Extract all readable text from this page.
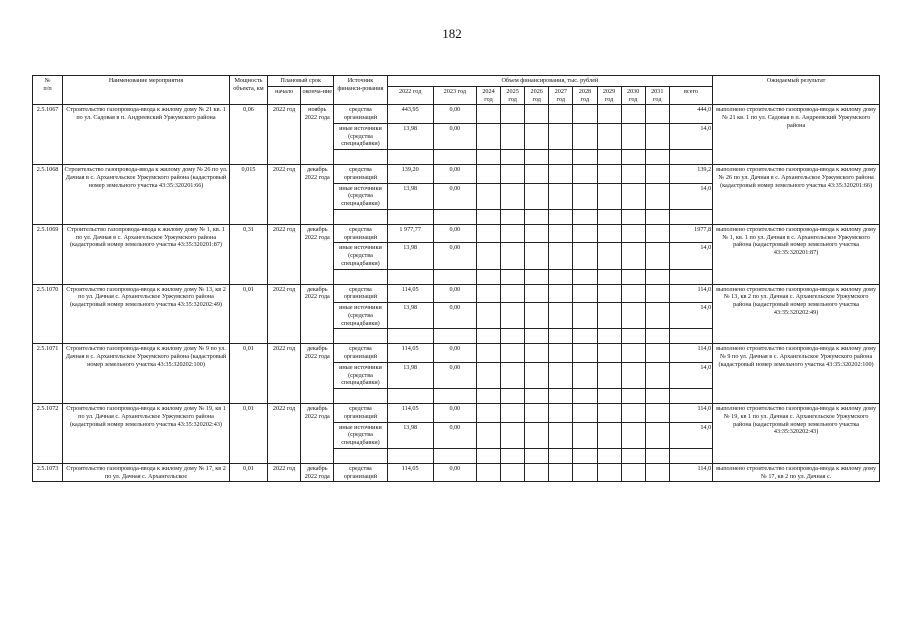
182
№
п/п	Наименование мероприятия	Мощность объекта, км	Плановый срок		Источник финанси-рования	Объем финансирования, тыс. рублей											Ожидаемый результат
			начало	оконча-ние		2022 год	2023 год	2024 год	2025 год	2026 год	2027 год	2028 год	2029 год	2030 год	2031 год	всего	

2.5.1067	Строительство газопровода-ввода к жилому дому № 21 кв. 1 по ул. Садовая в п. Андреевский Уржумского района	0,06	2022 год	ноябрь 2022 года	средства организаций	443,95	0,00									444,0	выполнено строительство газопровода-ввода к жилому дому № 21 кв. 1 по ул. Садовая в п. Андреевский Уржумского района
					иные источники (средства спецнадбавки)	13,98	0,00									14,0	

2.5.1068	Строительство газопровода-ввода к жилому дому № 26 по ул. Дачная в с. Архангельское Уржумского района (кадастровый номер земельного участка 43:35:320201:66)	0,015	2022 год	декабрь 2022 года	средства организаций	139,20	0,00									139,2	выполнено строительство газопровода-ввода к жилому дому № 26 по ул. Дачная в с. Архангельское Уржумского района (кадастровый номер земельного участка 43:35:320201:66)
					иные источники (средства спецнадбавки)	13,98	0,00									14,0	

2.5.1069	Строительство газопровода-ввода к жилому дому № 1, кв. 1 по ул. Дачная в с. Архангельское Уржумского района (кадастровый номер земельного участка 43:35:320201:87)	0,31	2022 год	декабрь 2022 года	средства организаций	1 977,77	0,00									1977,8	выполнено строительство газопровода-ввода к жилому дому № 1, кв. 1 по ул. Дачная в с. Архангельское Уржумского района (кадастровый номер земельного участка 43:35:320201:87)
					иные источники (средства спецнадбавки)	13,98	0,00									14,0	

2.5.1070	Строительство газопровода-ввода к жилому дому № 13, кв 2 по ул. Дачная с. Архангельское Уржумского района (кадастровый номер земельного участка 43:35:320202:49)	0,01	2022 год	декабрь 2022 года	средства организаций	114,05	0,00									114,0	выполнено строительство газопровода-ввода к жилому дому № 13, кв 2 по ул. Дачная с. Архангельское Уржумского района (кадастровый номер земельного участка 43:35:320202:49)
					иные источники (средства спецнадбавки)	13,98	0,00									14,0	

2.5.1071	Строительство газопровода-ввода к жилому дому № 9 по ул. Дачная в с. Архангельское Уржумского района (кадастровый номер земельного участка 43:35:320202:100)	0,01	2022 год	декабрь 2022 года	средства организаций	114,05	0,00									114,0	выполнено строительство газопровода-ввода к жилому дому № 9 по ул. Дачная в с. Архангельское Уржумского района (кадастровый номер земельного участка 43:35:320202:100)
					иные источники (средства спецнадбавки)	13,98	0,00									14,0	

2.5.1072	Строительство газопровода-ввода к жилому дому № 19, кв 1 по ул. Дачная с. Архангельское Уржумского района (кадастровый номер земельного участка 43:35:320202:43)	0,01	2022 год	декабрь 2022 года	средства организаций	114,05	0,00									114,0	выполнено строительство газопровода-ввода к жилому дому № 19, кв 1 по ул. Дачная с. Архангельское Уржумского района (кадастровый номер земельного участка 43:35:320202:43)
					иные источники (средства спецнадбавки)	13,98	0,00									14,0	

2.5.1073	Строительство газопровода-ввода к жилому дому № 17, кв 2 по ул. Дачная с. Архангельское	0,01	2022 год	декабрь 2022 года	средства организаций	114,05	0,00									114,0	выполнено строительство газопровода-ввода к жилому дому № 17, кв 2 по ул. Дачная с.
